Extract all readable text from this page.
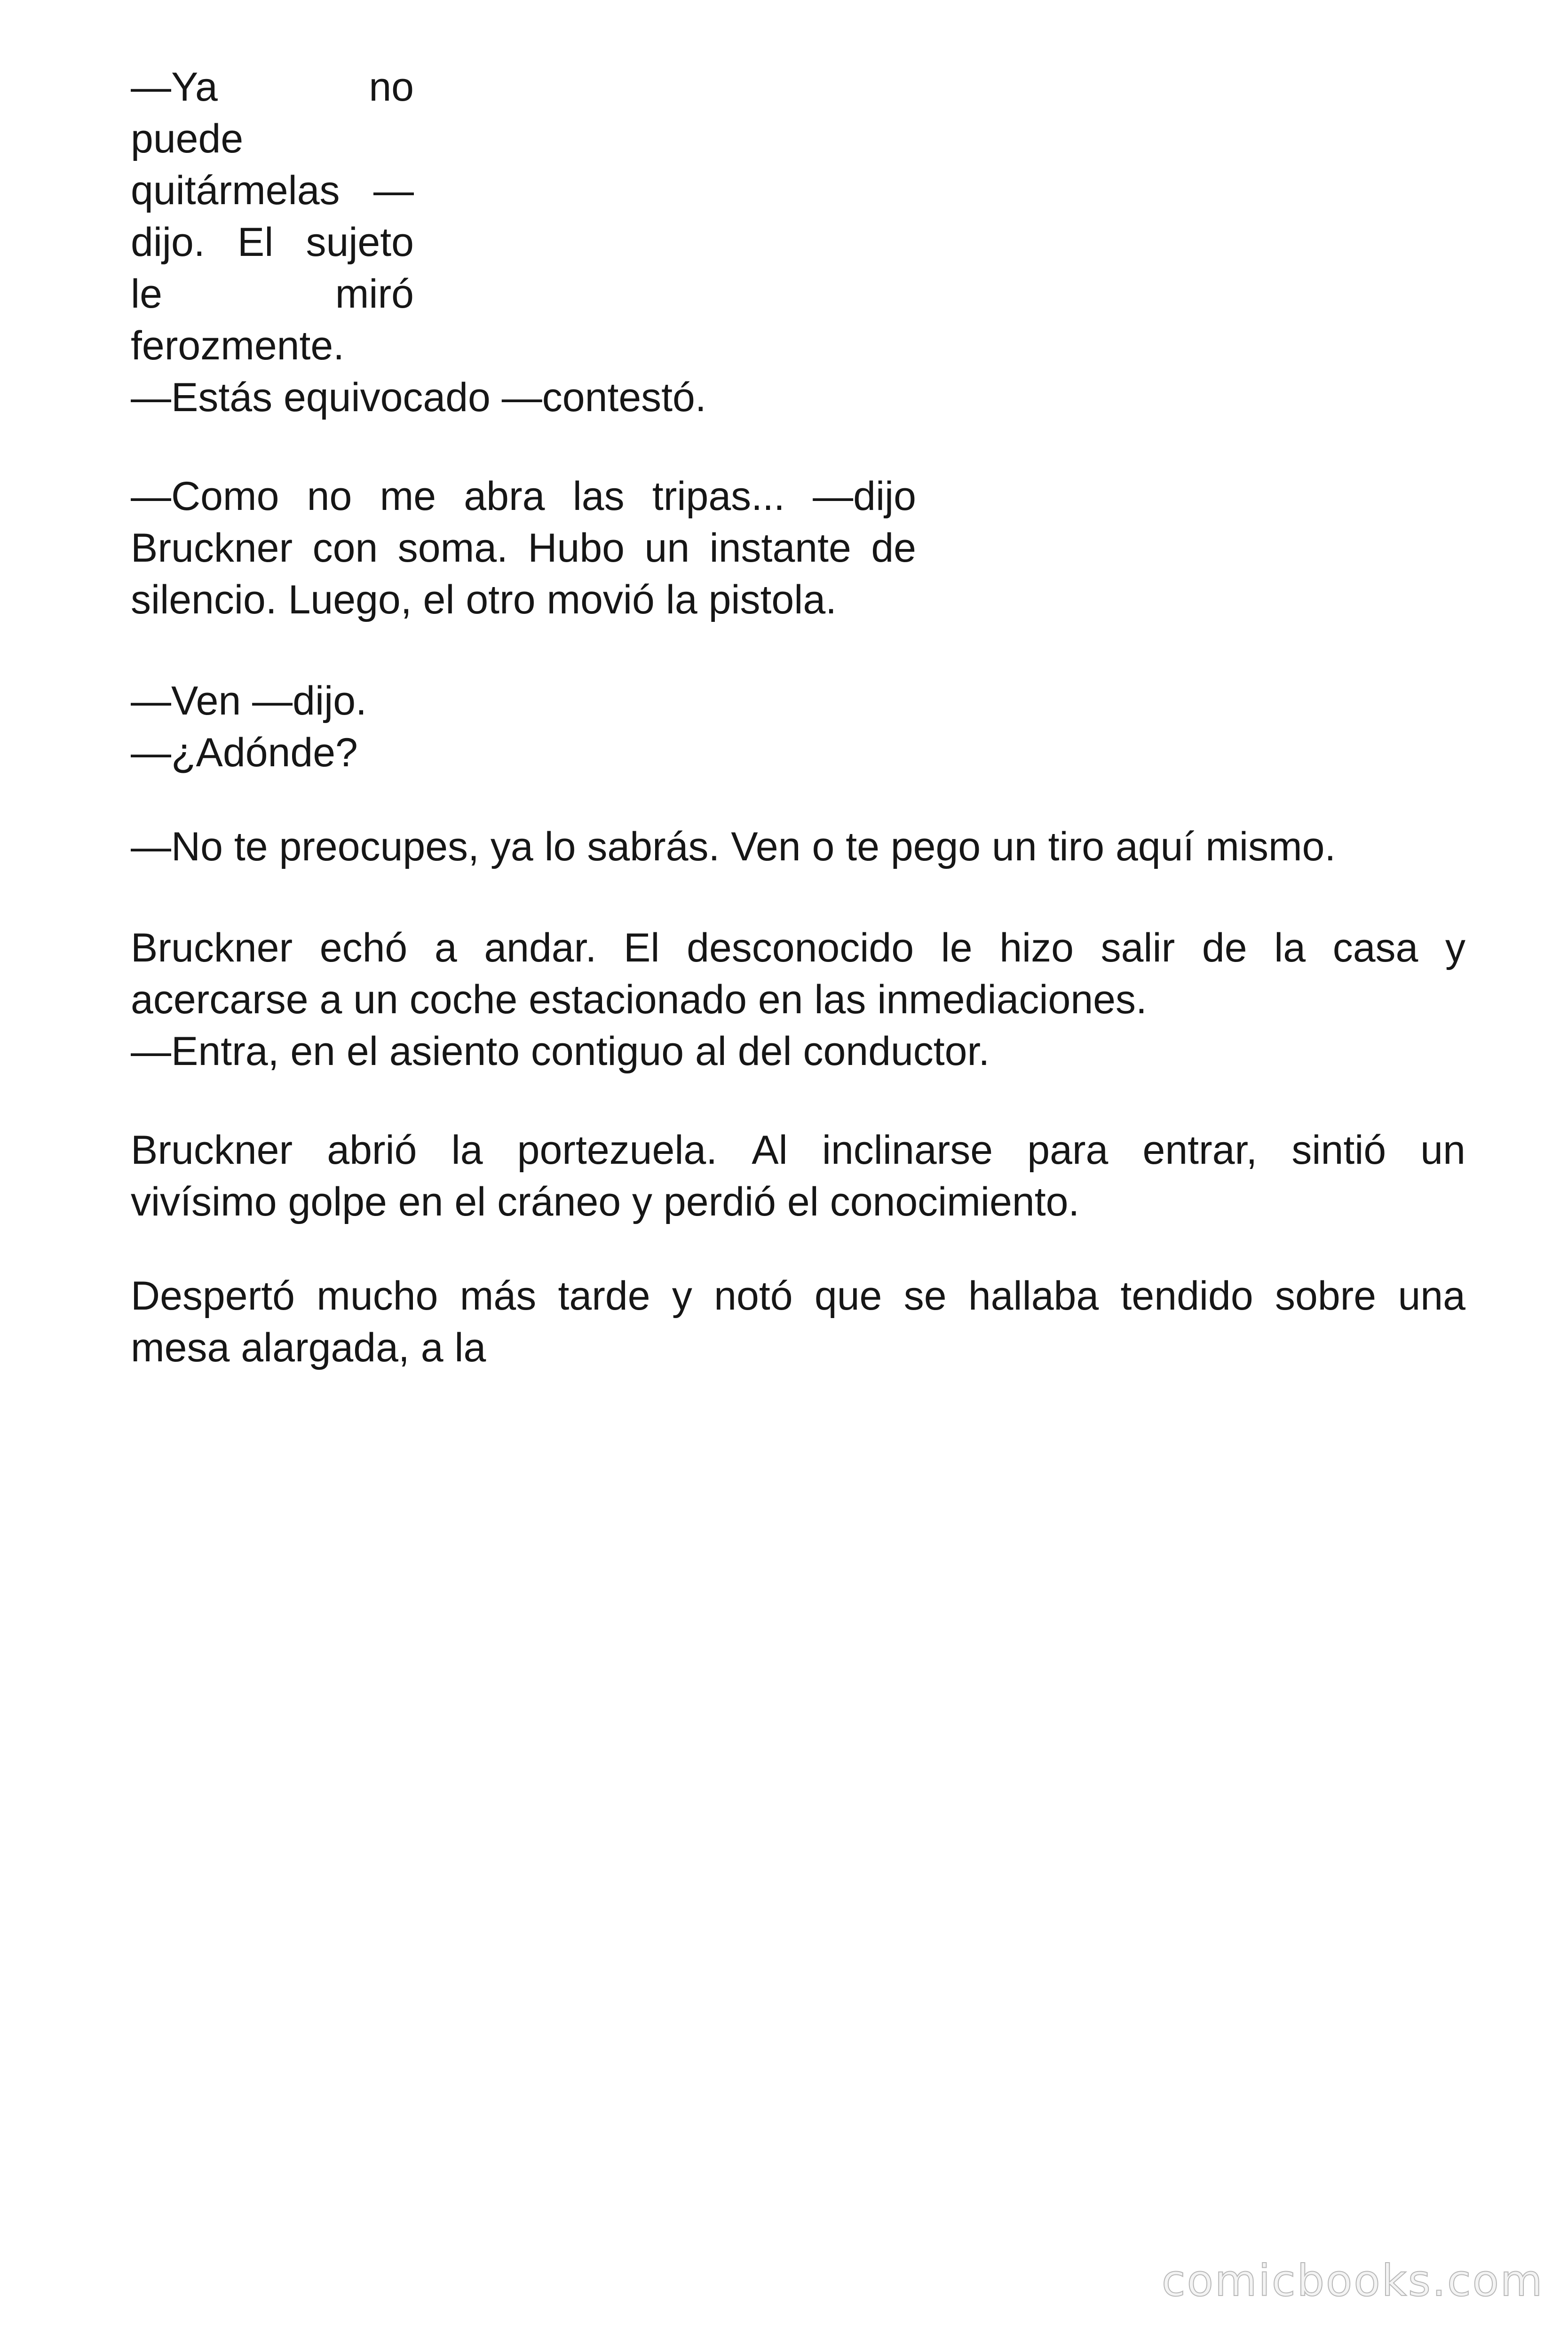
—Ya	no
puede
quitármelas —
dijo. El sujeto
le	miró
ferozmente.
—Estás equivocado —contestó.
—Como no me abra las tripas... —dijo
Bruckner con soma. Hubo un instante de
silencio. Luego, el otro movió la pistola.
—Ven —dijo.
—¿Adónde?
—No te preocupes, ya lo sabrás. Ven o te pego un tiro aquí mismo.
Bruckner echó a andar. El desconocido le hizo salir de la casa y
acercarse a un coche estacionado en las inmediaciones.
—Entra, en el asiento contiguo al del conductor.
Bruckner abrió la portezuela. Al inclinarse para entrar, sintió un
vivísimo golpe en el cráneo y perdió el conocimiento.
Despertó mucho más tarde y notó que se hallaba tendido sobre una
mesa alargada, a la
comicbooks.com
